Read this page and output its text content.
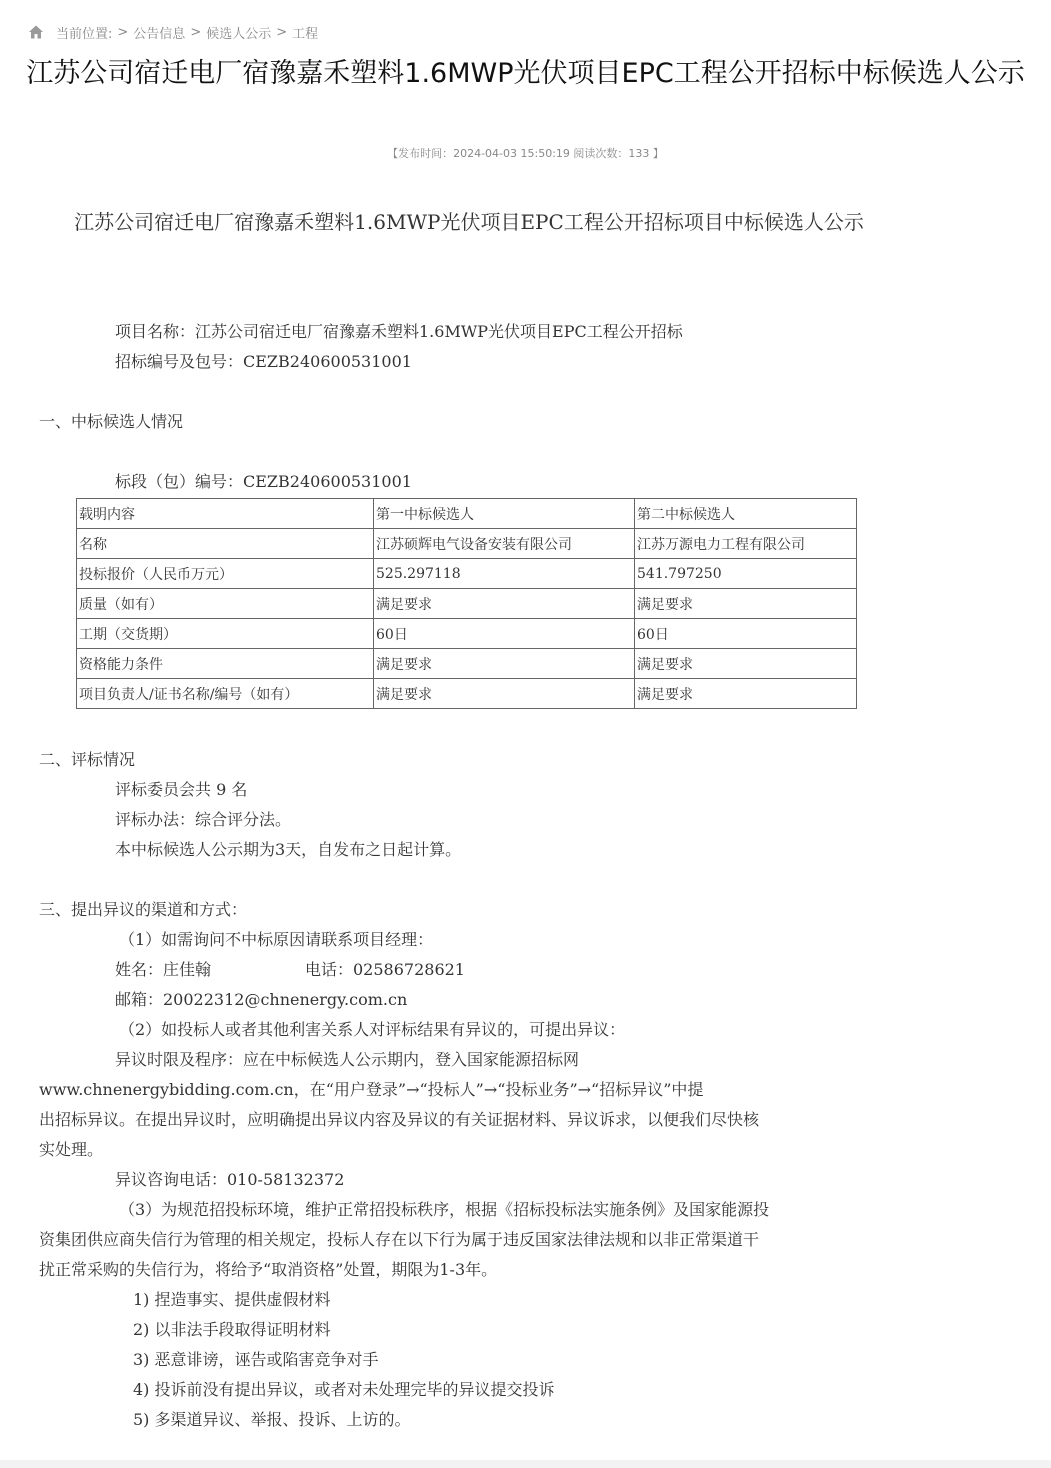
当前位置: > 公告信息 > 候选人公示 > 工程
江苏公司宿迁电厂宿豫嘉禾塑料1.6MWP光伏项目EPC工程公开招标中标候选人公示
【发布时间：2024-04-03 15:50:19 阅读次数：133 】
江苏公司宿迁电厂宿豫嘉禾塑料1.6MWP光伏项目EPC工程公开招标项目中标候选人公示
项目名称：江苏公司宿迁电厂宿豫嘉禾塑料1.6MWP光伏项目EPC工程公开招标
招标编号及包号：CEZB240600531001
一、中标候选人情况
标段（包）编号：CEZB240600531001
二、评标情况
评标委员会共 9 名
评标办法：综合评分法。
本中标候选人公示期为3天，自发布之日起计算。
三、提出异议的渠道和方式：
（1）如需询问不中标原因请联系项目经理：
姓名：庄佳翰	电话：02586728621
邮箱：20022312@chnenergy.com.cn
（2）如投标人或者其他利害关系人对评标结果有异议的，可提出异议：
异议时限及程序：应在中标候选人公示期内，登入国家能源招标网
www.chnenergybidding.com.cn，在“用户登录”→“投标人”→“投标业务”→“招标异议”中提
出招标异议。在提出异议时，应明确提出异议内容及异议的有关证据材料、异议诉求，以便我们尽快核
实处理。
异议咨询电话：010-58132372
（3）为规范招投标环境，维护正常招投标秩序，根据《招标投标法实施条例》及国家能源投
资集团供应商失信行为管理的相关规定，投标人存在以下行为属于违反国家法律法规和以非正常渠道干
扰正常采购的失信行为，将给予“取消资格”处置，期限为1-3年。
1) 捏造事实、提供虚假材料
2) 以非法手段取得证明材料
3) 恶意诽谤，诬告或陷害竞争对手
4) 投诉前没有提出异议，或者对未处理完毕的异议提交投诉
5) 多渠道异议、举报、投诉、上访的。
载明内容	第一中标候选人	第二中标候选人
名称	江苏硕辉电气设备安装有限公司	江苏万源电力工程有限公司
投标报价（人民币万元）	525.297118	541.797250
质量（如有）	满足要求	满足要求
工期（交货期）	60日	60日
资格能力条件	满足要求	满足要求
项目负责人/证书名称/编号（如有）	满足要求	满足要求
